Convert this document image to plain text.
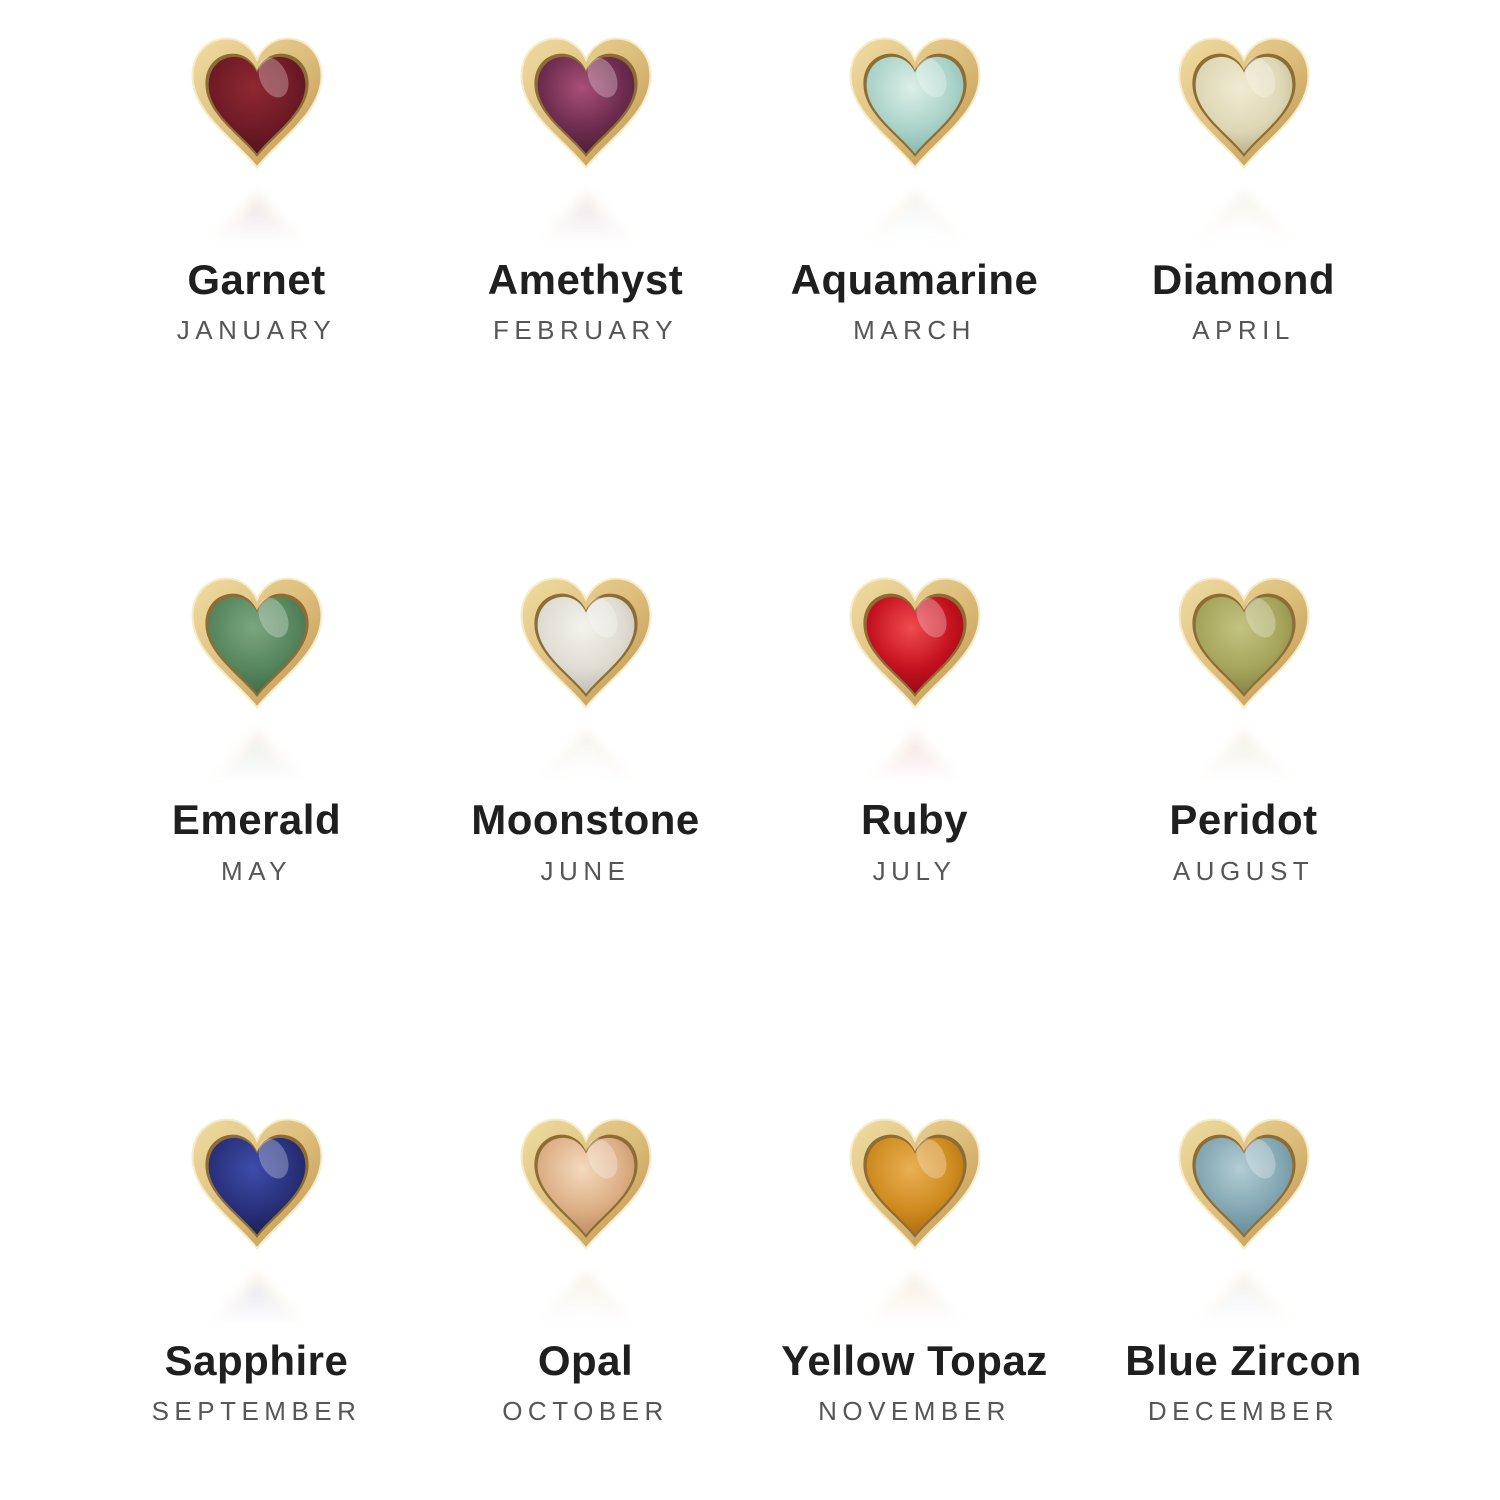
Garnet
JANUARY
Amethyst
FEBRUARY
Aquamarine
MARCH
Diamond
APRIL
Emerald
MAY
Moonstone
JUNE
Ruby
JULY
Peridot
AUGUST
Sapphire
SEPTEMBER
Opal
OCTOBER
Yellow Topaz
NOVEMBER
Blue Zircon
DECEMBER
